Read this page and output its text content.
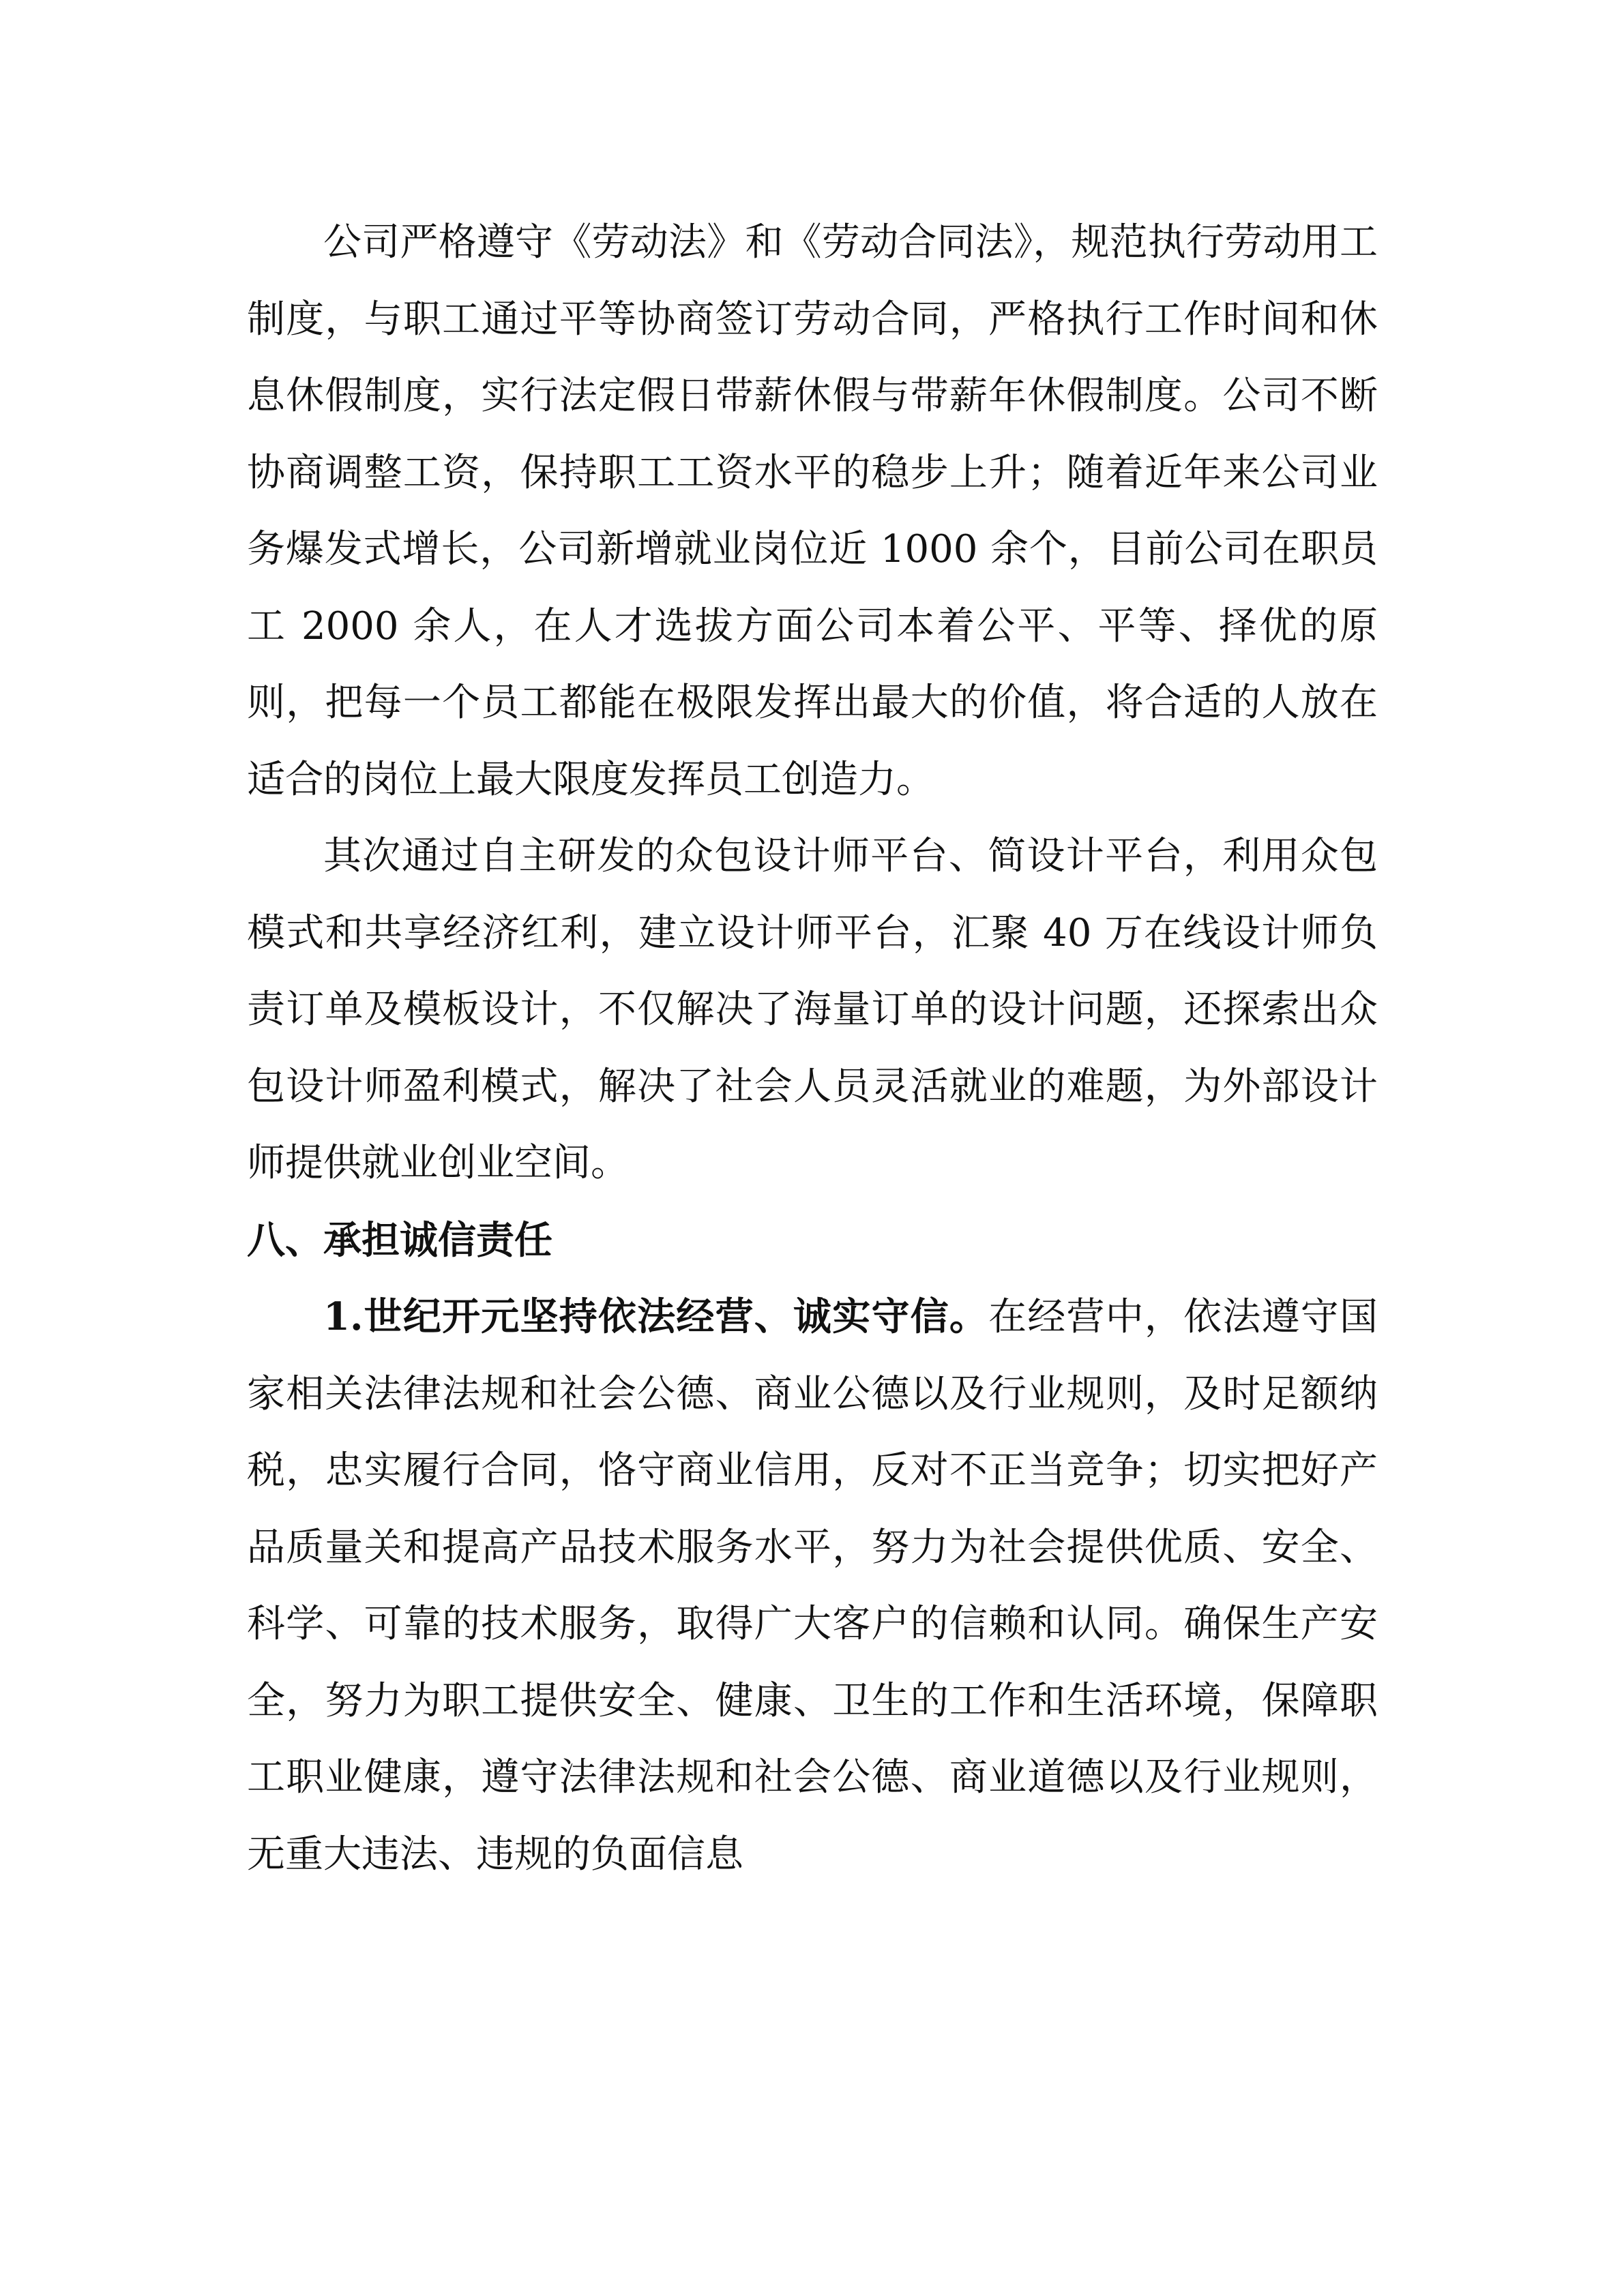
公司严格遵守《劳动法》和《劳动合同法》，规范执行劳动用工制度，与职工通过平等协商签订劳动合同，严格执行工作时间和休息休假制度，实行法定假日带薪休假与带薪年休假制度。公司不断协商调整工资，保持职工工资水平的稳步上升；随着近年来公司业务爆发式增长，公司新增就业岗位近 1000 余个，目前公司在职员工 2000 余人，在人才选拔方面公司本着公平、平等、择优的原则，把每一个员工都能在极限发挥出最大的价值，将合适的人放在适合的岗位上最大限度发挥员工创造力。

其次通过自主研发的众包设计师平台、简设计平台，利用众包模式和共享经济红利，建立设计师平台，汇聚 40 万在线设计师负责订单及模板设计，不仅解决了海量订单的设计问题，还探索出众包设计师盈利模式，解决了社会人员灵活就业的难题，为外部设计师提供就业创业空间。

八、承担诚信责任

1.世纪开元坚持依法经营、诚实守信。在经营中，依法遵守国家相关法律法规和社会公德、商业公德以及行业规则，及时足额纳税，忠实履行合同，恪守商业信用，反对不正当竞争；切实把好产品质量关和提高产品技术服务水平，努力为社会提供优质、安全、科学、可靠的技术服务，取得广大客户的信赖和认同。确保生产安全，努力为职工提供安全、健康、卫生的工作和生活环境，保障职工职业健康，遵守法律法规和社会公德、商业道德以及行业规则，无重大违法、违规的负面信息
